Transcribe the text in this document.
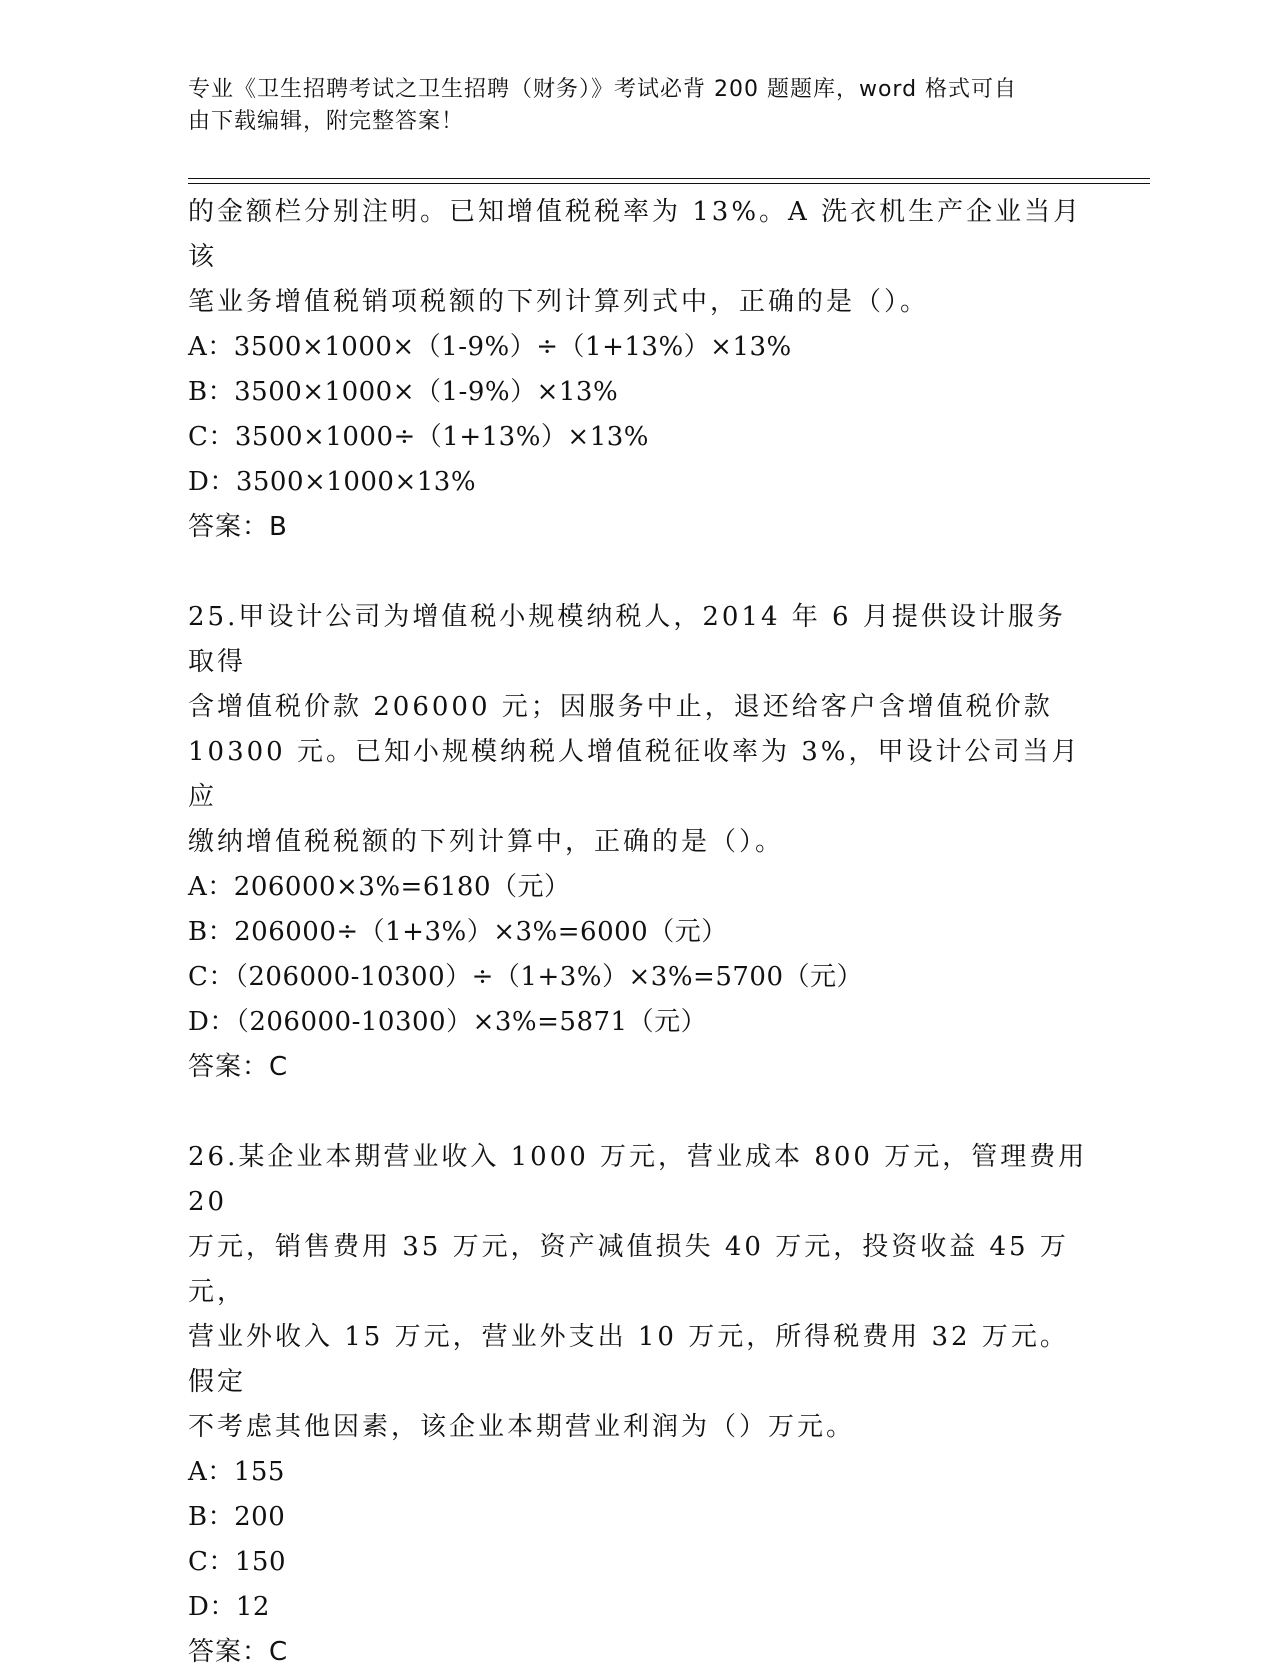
专业《卫生招聘考试之卫生招聘（财务）》考试必背 200 题题库，word 格式可自
由下载编辑，附完整答案！
的金额栏分别注明。已知增值税税率为 13%。A 洗衣机生产企业当月该
笔业务增值税销项税额的下列计算列式中，正确的是（）。
A：3500×1000×（1-9%）÷（1+13%）×13%
B：3500×1000×（1-9%）×13%
C：3500×1000÷（1+13%）×13%
D：3500×1000×13%
答案：B
25.甲设计公司为增值税小规模纳税人，2014 年 6 月提供设计服务取得
含增值税价款 206000 元；因服务中止，退还给客户含增值税价款
10300 元。已知小规模纳税人增值税征收率为 3%，甲设计公司当月应
缴纳增值税税额的下列计算中，正确的是（）。
A：206000×3%=6180（元）
B：206000÷（1+3%）×3%=6000（元）
C：（206000-10300）÷（1+3%）×3%=5700（元）
D：（206000-10300）×3%=5871（元）
答案：C
26.某企业本期营业收入 1000 万元，营业成本 800 万元，管理费用 20
万元，销售费用 35 万元，资产减值损失 40 万元，投资收益 45 万元，
营业外收入 15 万元，营业外支出 10 万元，所得税费用 32 万元。假定
不考虑其他因素，该企业本期营业利润为（）万元。
A：155
B：200
C：150
D：12
答案：C
